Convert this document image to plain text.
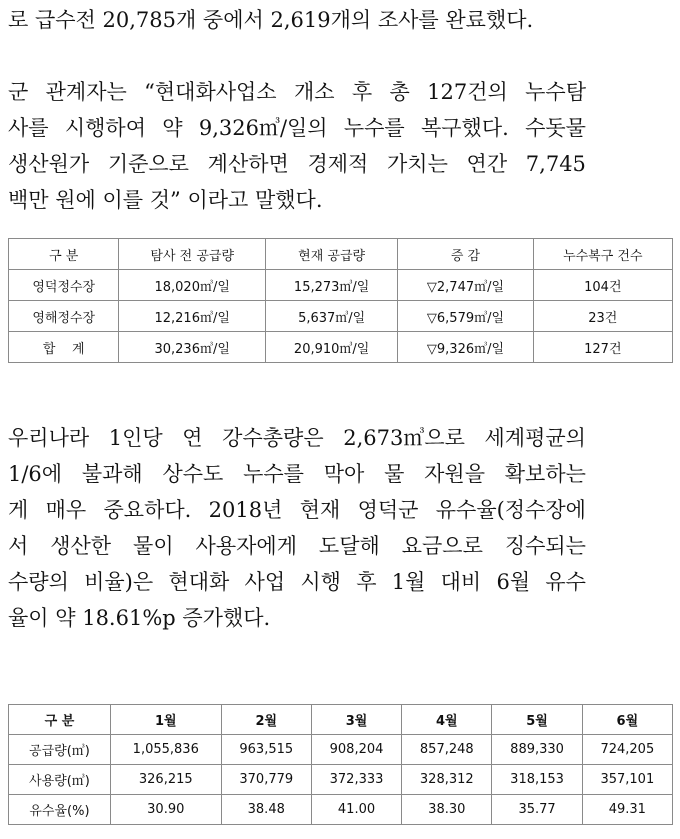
로 급수전 20,785개 중에서 2,619개의 조사를 완료했다.
군 관계자는 “현대화사업소 개소 후 총 127건의 누수탐
사를 시행하여 약 9,326㎥/일의 누수를 복구했다. 수돗물
생산원가 기준으로 계산하면 경제적 가치는 연간 7,745
백만 원에 이를 것” 이라고 말했다.
구 분	탐사 전 공급량	현재 공급량	증 감	누수복구 건수
영덕정수장	18,020㎥/일	15,273㎥/일	▽2,747㎥/일	104건
영해정수장	12,216㎥/일	5,637㎥/일	▽6,579㎥/일	23건
합    계	30,236㎥/일	20,910㎥/일	▽9,326㎥/일	127건
우리나라 1인당 연 강수총량은 2,673㎥으로 세계평균의
1/6에 불과해 상수도 누수를 막아 물 자원을 확보하는
게 매우 중요하다. 2018년 현재 영덕군 유수율(정수장에
서 생산한 물이 사용자에게 도달해 요금으로 징수되는
수량의 비율)은 현대화 사업 시행 후 1월 대비 6월 유수
율이 약 18.61%p 증가했다.
구 분	1월	2월	3월	4월	5월	6월
공급량(㎥)	1,055,836	963,515	908,204	857,248	889,330	724,205
사용량(㎥)	326,215	370,779	372,333	328,312	318,153	357,101
유수율(%)	30.90	38.48	41.00	38.30	35.77	49.31
